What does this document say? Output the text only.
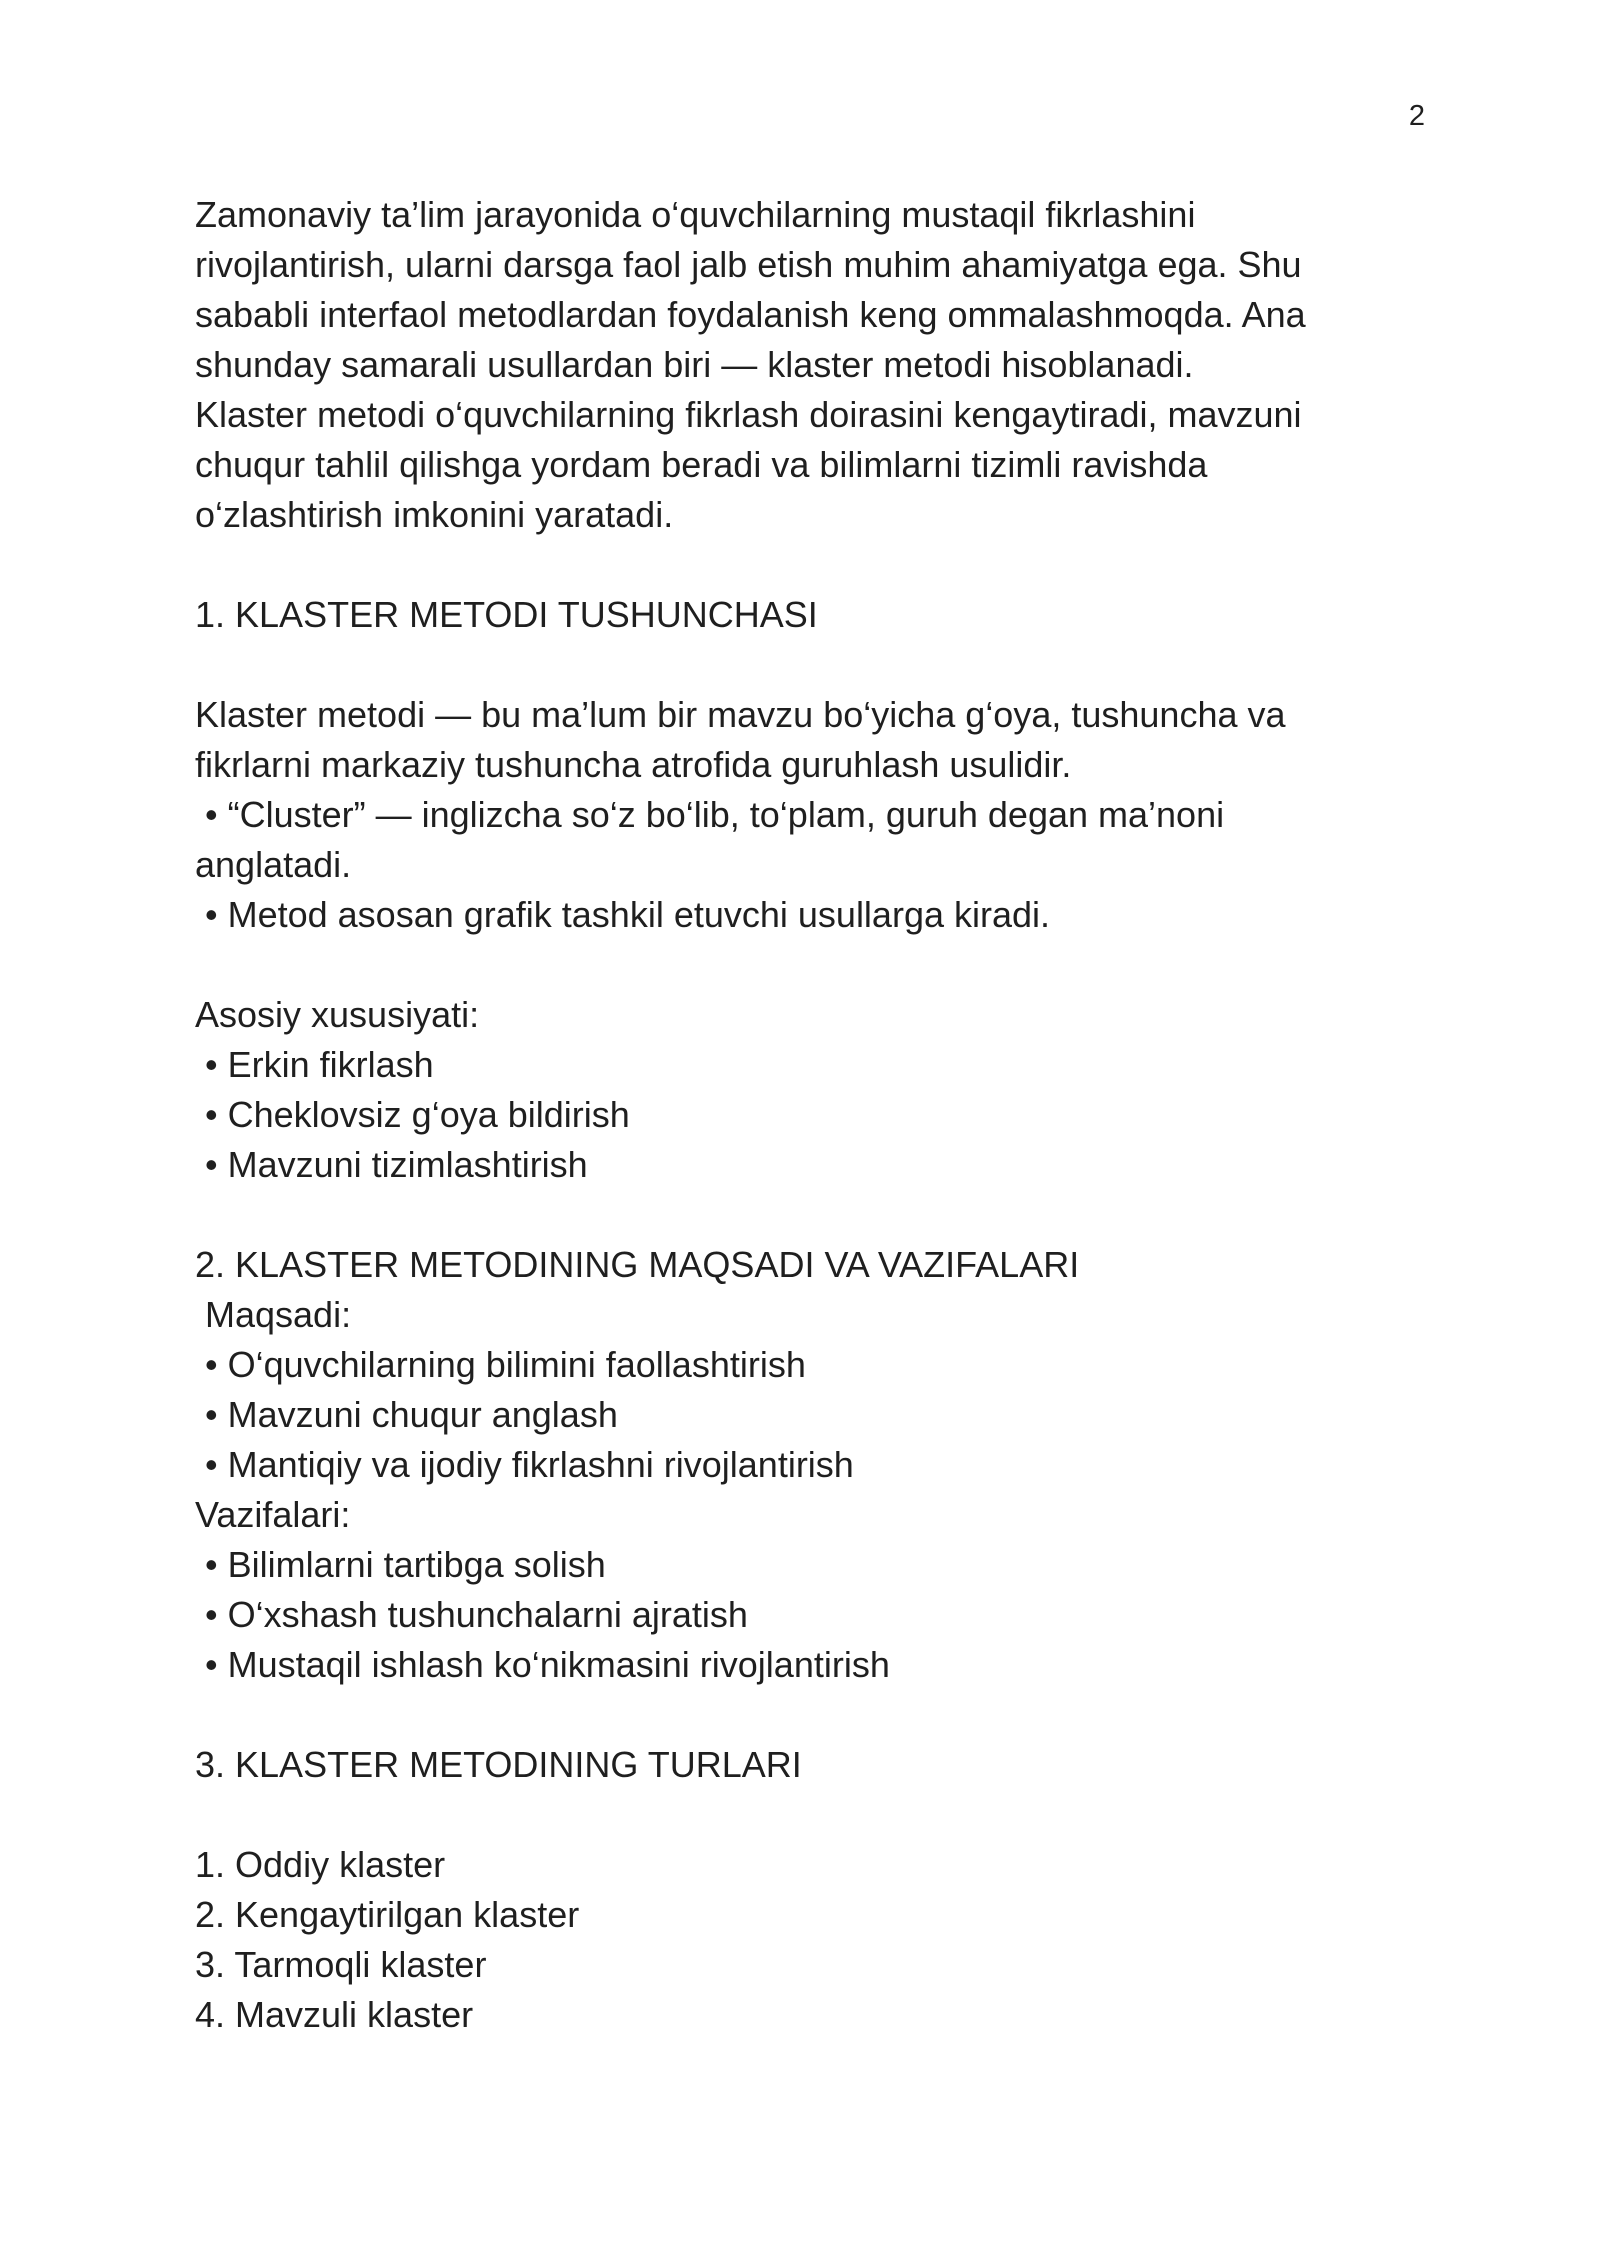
2
Zamonaviy ta’lim jarayonida o‘quvchilarning mustaqil fikrlashini
rivojlantirish, ularni darsga faol jalb etish muhim ahamiyatga ega. Shu
sababli interfaol metodlardan foydalanish keng ommalashmoqda. Ana
shunday samarali usullardan biri — klaster metodi hisoblanadi.
Klaster metodi o‘quvchilarning fikrlash doirasini kengaytiradi, mavzuni
chuqur tahlil qilishga yordam beradi va bilimlarni tizimli ravishda
o‘zlashtirish imkonini yaratadi.
1. KLASTER METODI TUSHUNCHASI
Klaster metodi — bu ma’lum bir mavzu bo‘yicha g‘oya, tushuncha va
fikrlarni markaziy tushuncha atrofida guruhlash usulidir.
• “Cluster” — inglizcha so‘z bo‘lib, to‘plam, guruh degan ma’noni
anglatadi.
• Metod asosan grafik tashkil etuvchi usullarga kiradi.
Asosiy xususiyati:
• Erkin fikrlash
• Cheklovsiz g‘oya bildirish
• Mavzuni tizimlashtirish
2. KLASTER METODINING MAQSADI VA VAZIFALARI
Maqsadi:
• O‘quvchilarning bilimini faollashtirish
• Mavzuni chuqur anglash
• Mantiqiy va ijodiy fikrlashni rivojlantirish
Vazifalari:
• Bilimlarni tartibga solish
• O‘xshash tushunchalarni ajratish
• Mustaqil ishlash ko‘nikmasini rivojlantirish
3. KLASTER METODINING TURLARI
1. Oddiy klaster
2. Kengaytirilgan klaster
3. Tarmoqli klaster
4. Mavzuli klaster
